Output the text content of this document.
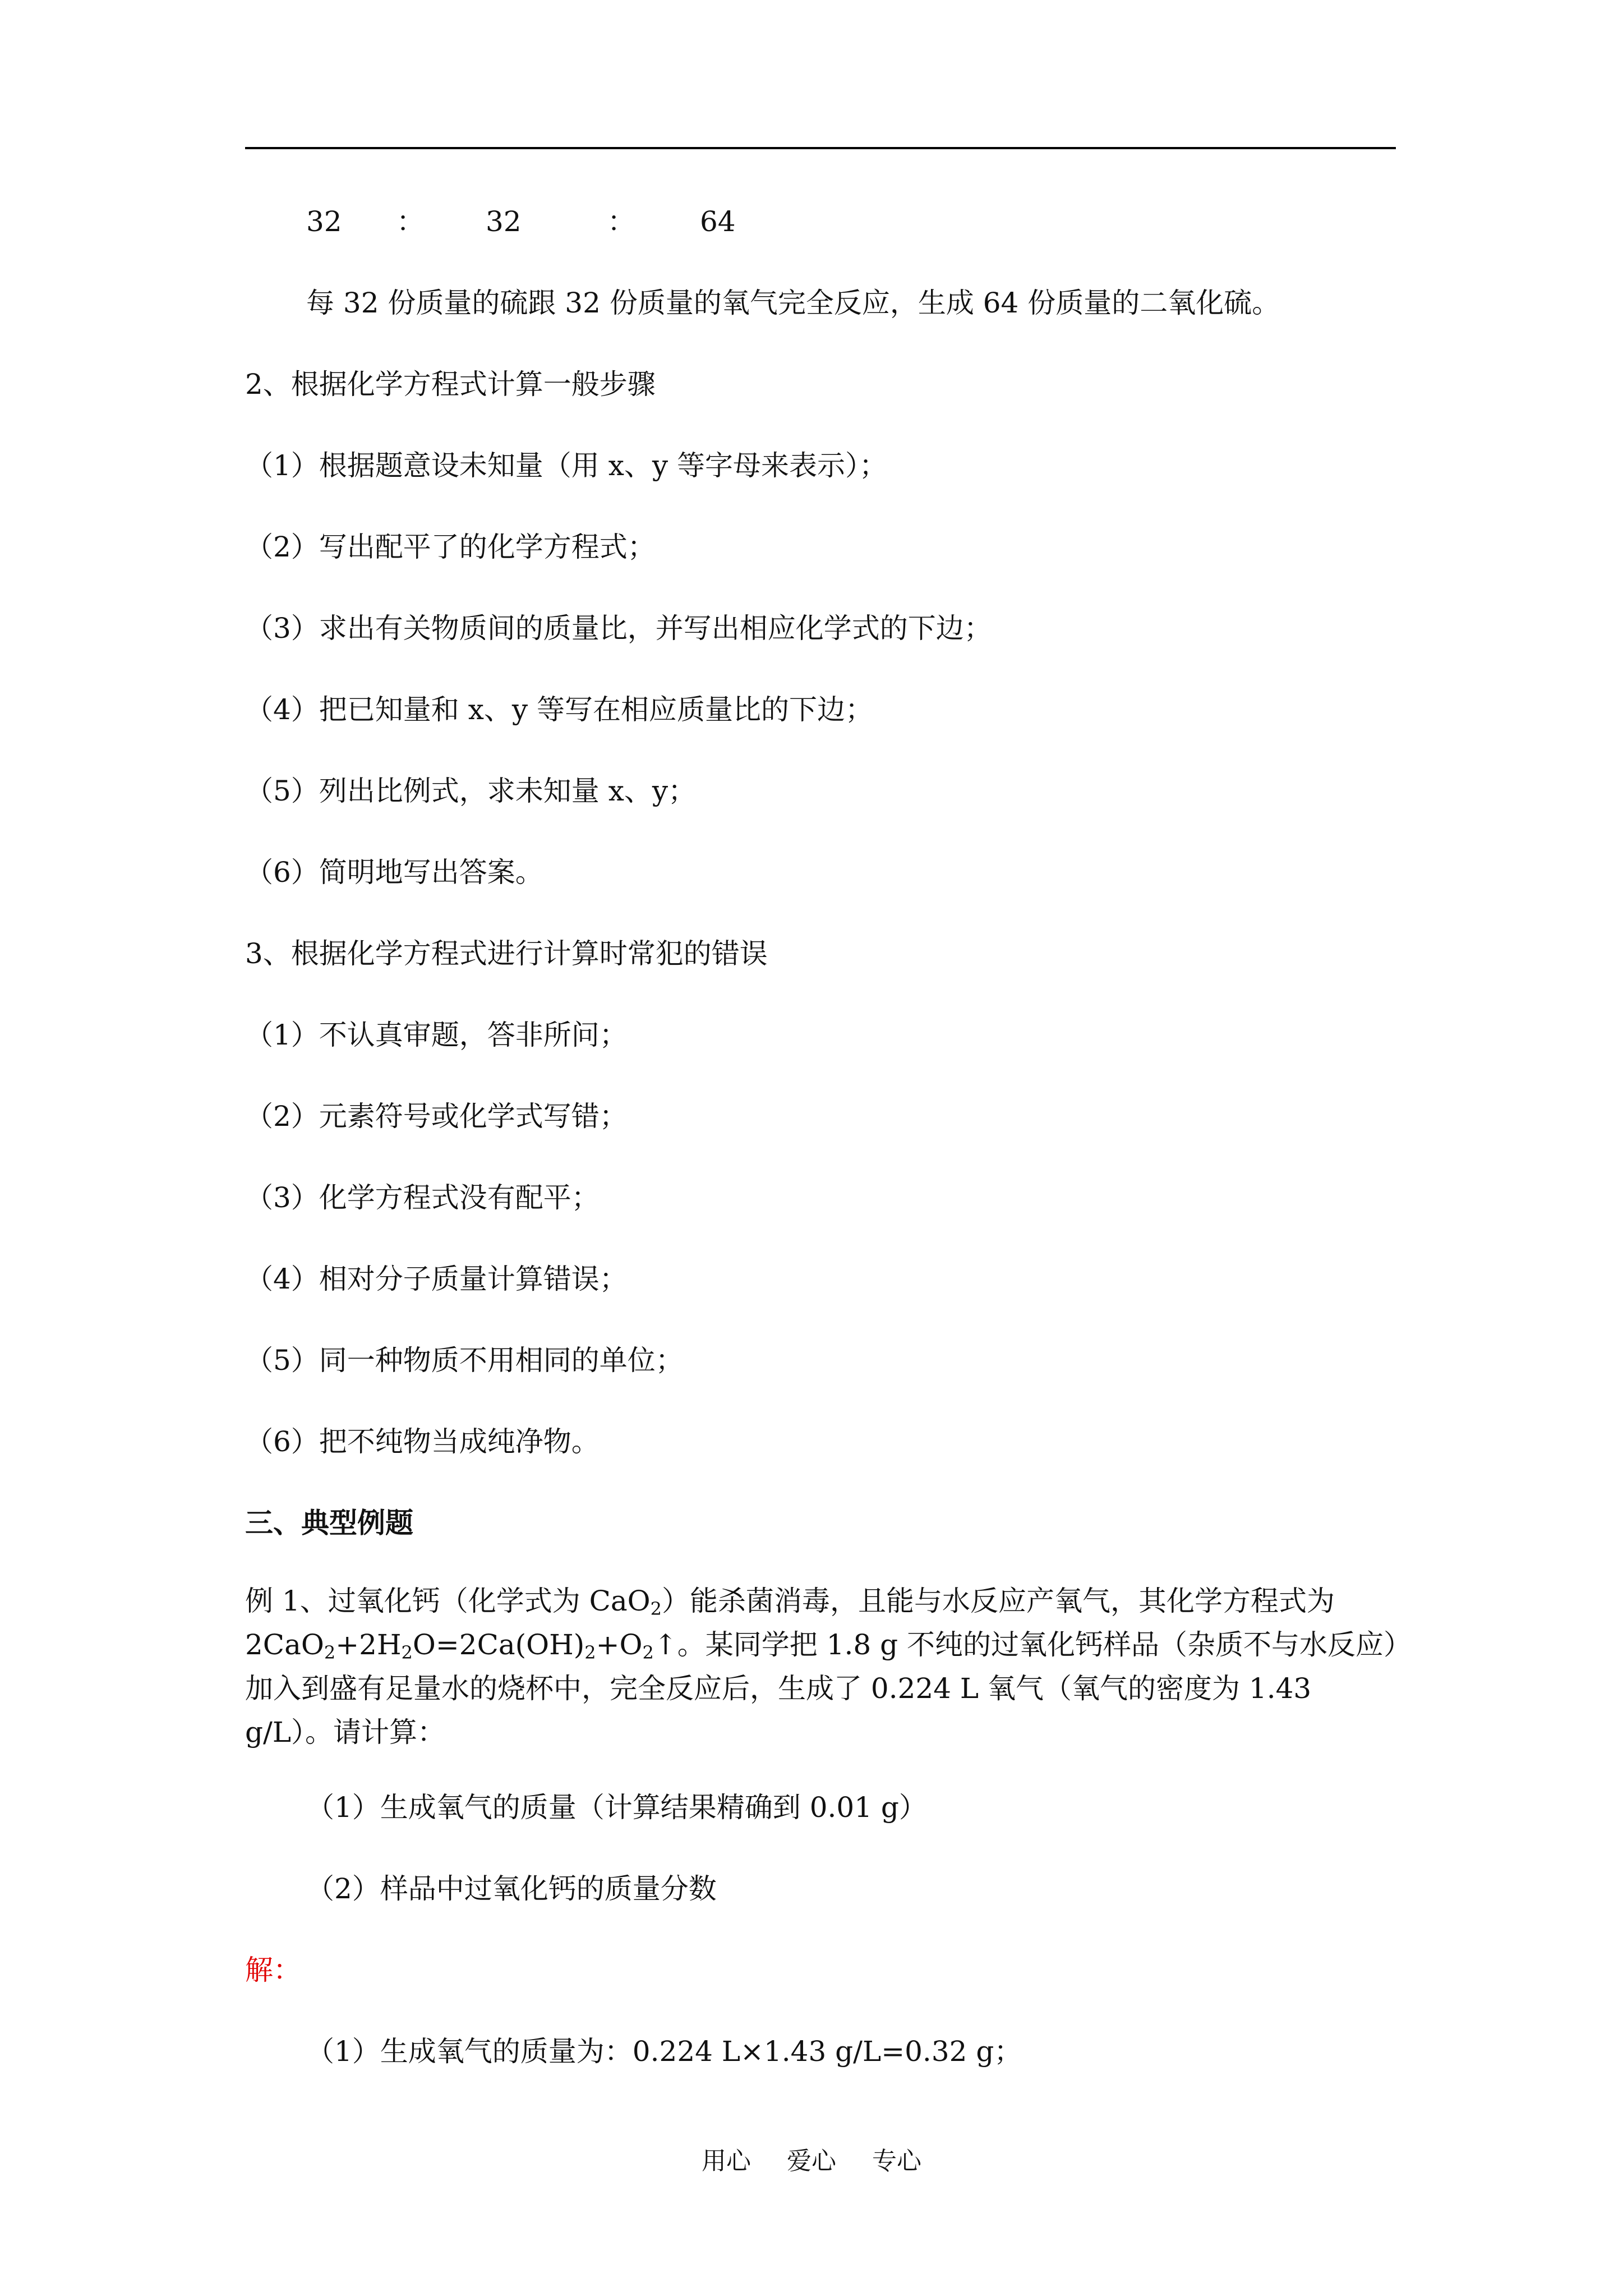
32 ： 32	： 64
每 32 份质量的硫跟 32 份质量的氧气完全反应，生成 64 份质量的二氧化硫。
2、根据化学方程式计算一般步骤
（1）根据题意设未知量（用 x、y 等字母来表示）；
（2）写出配平了的化学方程式；
（3）求出有关物质间的质量比，并写出相应化学式的下边；
（4）把已知量和 x、y 等写在相应质量比的下边；
（5）列出比例式，求未知量 x、y；
（6）简明地写出答案。
3、根据化学方程式进行计算时常犯的错误
（1）不认真审题，答非所问；
（2）元素符号或化学式写错；
（3）化学方程式没有配平；
（4）相对分子质量计算错误；
（5）同一种物质不用相同的单位；
（6）把不纯物当成纯净物。
三、典型例题
例 1、过氧化钙（化学式为 CaO$_2$）能杀菌消毒，且能与水反应产氧气，其化学方程式为
$2CaO_2+2H_2O=2Ca(OH)_2+O_2↑$。某同学把 1.8 g 不纯的过氧化钙样品（杂质不与水反应）
加入到盛有足量水的烧杯中，完全反应后，生成了 0.224 L 氧气（氧气的密度为 1.43
g/L）。请计算：
（1）生成氧气的质量（计算结果精确到 0.01 g）
（2）样品中过氧化钙的质量分数
解：
（1）生成氧气的质量为：0.224 L×1.43 g/L=0.32 g；
用心 爱心 专心
